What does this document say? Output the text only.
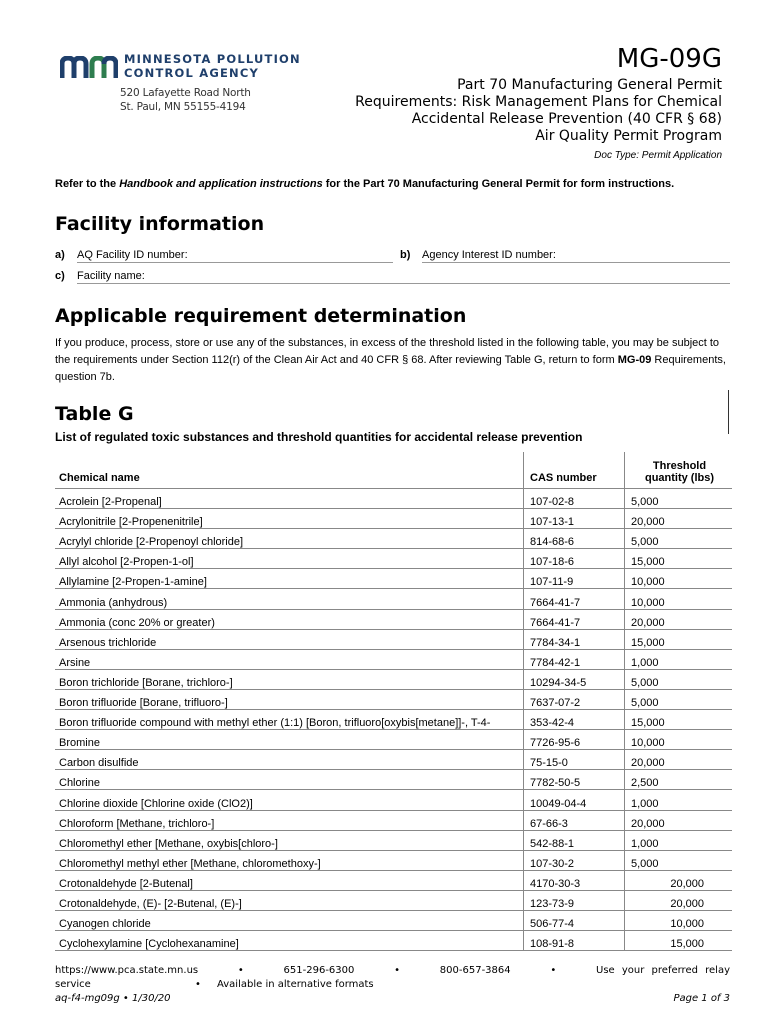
MINNESOTA POLLUTION
CONTROL AGENCY
520 Lafayette Road North
St. Paul, MN 55155-4194
MG-09G
Part 70 Manufacturing General Permit
Requirements: Risk Management Plans for Chemical
Accidental Release Prevention (40 CFR § 68)
Air Quality Permit Program
Doc Type: Permit Application
Refer to the Handbook and application instructions for the Part 70 Manufacturing General Permit for form instructions.
Facility information
a)	AQ Facility ID number:	b)	Agency Interest ID number:
c)	Facility name:
Applicable requirement determination
If you produce, process, store or use any of the substances, in excess of the threshold listed in the following table, you may be subject to the requirements under Section 112(r) of the Clean Air Act and 40 CFR § 68. After reviewing Table G, return to form MG-09 Requirements, question 7b.
Table G
List of regulated toxic substances and threshold quantities for accidental release prevention
Chemical name	CAS number	Threshold
quantity (lbs)

Acrolein [2-Propenal]	107-02-8	5,000
Acrylonitrile [2-Propenenitrile]	107-13-1	20,000
Acrylyl chloride [2-Propenoyl chloride]	814-68-6	5,000
Allyl alcohol [2-Propen-1-ol]	107-18-6	15,000
Allylamine [2-Propen-1-amine]	107-11-9	10,000
Ammonia (anhydrous)	7664-41-7	10,000
Ammonia (conc 20% or greater)	7664-41-7	20,000
Arsenous trichloride	7784-34-1	15,000
Arsine	7784-42-1	1,000
Boron trichloride [Borane, trichloro-]	10294-34-5	5,000
Boron trifluoride [Borane, trifluoro-]	7637-07-2	5,000
Boron trifluoride compound with methyl ether (1:1) [Boron, trifluoro[oxybis[metane]]-, T-4-	353-42-4	15,000
Bromine	7726-95-6	10,000
Carbon disulfide	75-15-0	20,000
Chlorine	7782-50-5	2,500
Chlorine dioxide [Chlorine oxide (ClO2)]	10049-04-4	1,000
Chloroform [Methane, trichloro-]	67-66-3	20,000
Chloromethyl ether [Methane, oxybis[chloro-]	542-88-1	1,000
Chloromethyl methyl ether [Methane, chloromethoxy-]	107-30-2	5,000
Crotonaldehyde [2-Butenal]	4170-30-3	20,000
Crotonaldehyde, (E)- [2-Butenal, (E)-]	123-73-9	20,000
Cyanogen chloride	506-77-4	10,000
Cyclohexylamine [Cyclohexanamine]	108-91-8	15,000
https://www.pca.state.mn.us	•	651-296-6300	•	800-657-3864	•	Use your preferred relay
service	•	Available in alternative formats
aq-f4-mg09g • 1/30/20	Page 1 of 3
